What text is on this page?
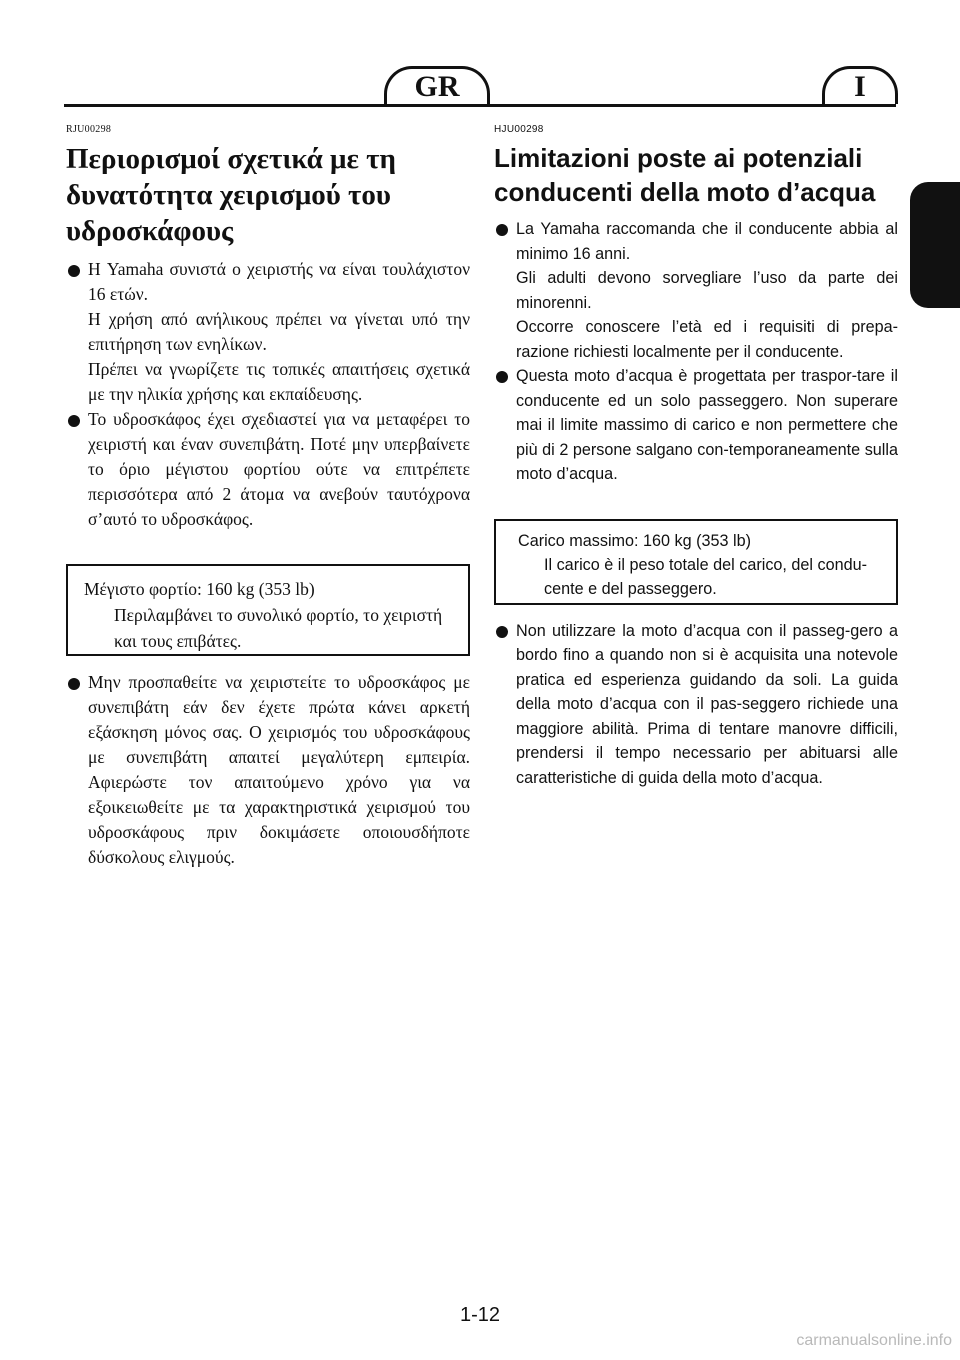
GR	I
RJU00298
Περιορισμοί σχετικά με τη
δυνατότητα χειρισμού του
υδροσκάφους

Η Yamaha συνιστά ο χειριστής να είναι τουλάχιστον 16 ετών.

Η χρήση από ανήλικους πρέπει να γίνεται υπό την επιτήρηση των ενηλίκων.

Πρέπει να γνωρίζετε τις τοπικές απαιτήσεις σχετικά με την ηλικία χρήσης και εκπαίδευσης.

Το υδροσκάφος έχει σχεδιαστεί για να μεταφέρει το χειριστή και έναν συνεπιβάτη. Ποτέ μην υπερβαίνετε το όριο μέγιστου φορτίου ούτε να επιτρέπετε περισσότερα από 2 άτομα να ανεβούν ταυτόχρονα σ’αυτό το υδροσκάφος.

Μέγιστο φορτίο: 160 kg (353 lb)

Περιλαμβάνει το συνολικό φορτίο, το χειριστή και τους επιβάτες.

Μην προσπαθείτε να χειριστείτε το υδροσκάφος με συνεπιβάτη εάν δεν έχετε πρώτα κάνει αρκετή εξάσκηση μόνος σας. Ο χειρισμός του υδροσκάφους με συνεπιβάτη απαιτεί μεγαλύτερη εμπειρία. Αφιερώστε τον απαιτούμενο χρόνο για να εξοικειωθείτε με τα χαρακτηριστικά χειρισμού του υδροσκάφους πριν δοκιμάσετε οποιουσδήποτε δύσκολους ελιγμούς.

HJU00298
Limitazioni poste ai potenziali
conducenti della moto d’acqua

La Yamaha raccomanda che il conducente abbia al minimo 16 anni.

Gli adulti devono sorvegliare l’uso da parte dei minorenni.

Occorre conoscere l’età ed i requisiti di prepa-razione richiesti localmente per il conducente.

Questa moto d’acqua è progettata per traspor-tare il conducente ed un solo passeggero. Non superare mai il limite massimo di carico e non permettere che più di 2 persone salgano con-temporaneamente sulla moto d’acqua.

Carico massimo: 160 kg (353 lb)

Il carico è il peso totale del carico, del condu-cente e del passeggero.

Non utilizzare la moto d’acqua con il passeg-gero a bordo fino a quando non si è acquisita una notevole pratica ed esperienza guidando da soli. La guida della moto d’acqua con il pas-seggero richiede una maggiore abilità. Prima di tentare manovre difficili, prendersi il tempo necessario per abituarsi alle caratteristiche di guida della moto d’acqua.

1-12
carmanualsonline.info
